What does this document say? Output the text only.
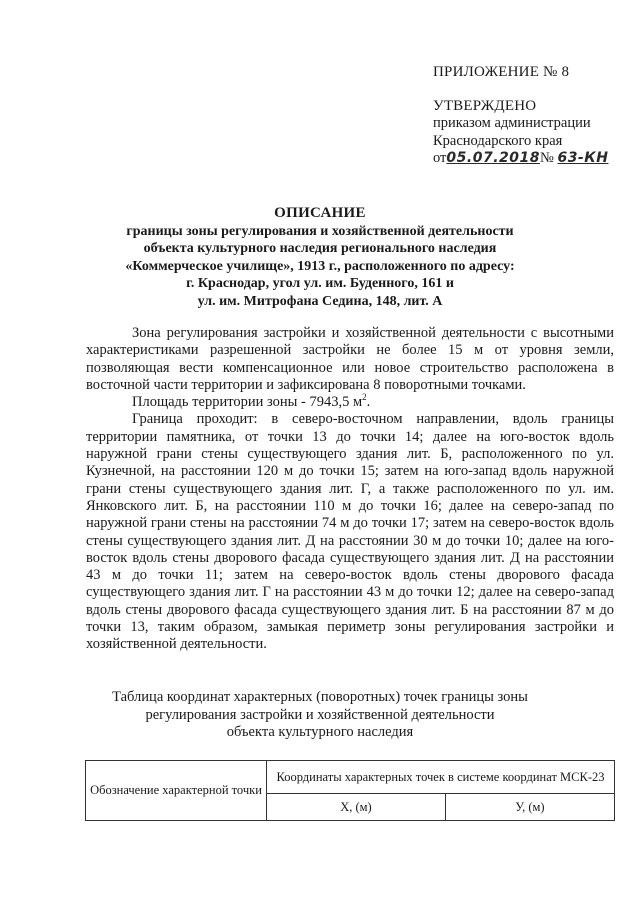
ПРИЛОЖЕНИЕ № 8
УТВЕРЖДЕНО
приказом администрации
Краснодарского края
от05.07.2018№ 63-КН
ОПИСАНИЕ
границы зоны регулирования и хозяйственной деятельности
объекта культурного наследия регионального наследия
«Коммерческое училище», 1913 г., расположенного по адресу:
г. Краснодар, угол ул. им. Буденного, 161 и
ул. им. Митрофана Седина, 148, лит. А

Зона регулирования застройки и хозяйственной деятельности с высотными характеристиками разрешенной застройки не более 15 м от уровня земли, позволяющая вести компенсационное или новое строительство расположена в восточной части территории и зафиксирована 8 поворотными точками.

Площадь территории зоны - 7943,5 $м^2$.

Граница проходит: в северо-восточном направлении, вдоль границы территории памятника, от точки 13 до точки 14; далее на юго-восток вдоль наружной грани стены существующего здания лит. Б, расположенного по ул. Кузнечной, на расстоянии 120 м до точки 15; затем на юго-запад вдоль наружной грани стены существующего здания лит. Г, а также расположенного по ул. им. Янковского лит. Б, на расстоянии 110 м до точки 16; далее на северо-запад по наружной грани стены на расстоянии 74 м до точки 17; затем на северо-восток вдоль стены существующего здания лит. Д на расстоянии 30 м до точки 10; далее на юго-восток вдоль стены дворового фасада существующего здания лит. Д на расстоянии 43 м до точки 11; затем на северо-восток вдоль стены дворового фасада существующего здания лит. Г на расстоянии 43 м до точки 12; далее на северо-запад вдоль стены дворового фасада существующего здания лит. Б на расстоянии 87 м до точки 13, таким образом, замыкая периметр зоны регулирования застройки и хозяйственной деятельности.

Таблица координат характерных (поворотных) точек границы зоны
регулирования застройки и хозяйственной деятельности
объекта культурного наследия
Обозначение характерной точки	Координаты характерных точек в системе координат МСК-23	
	X, (м)	У, (м)
